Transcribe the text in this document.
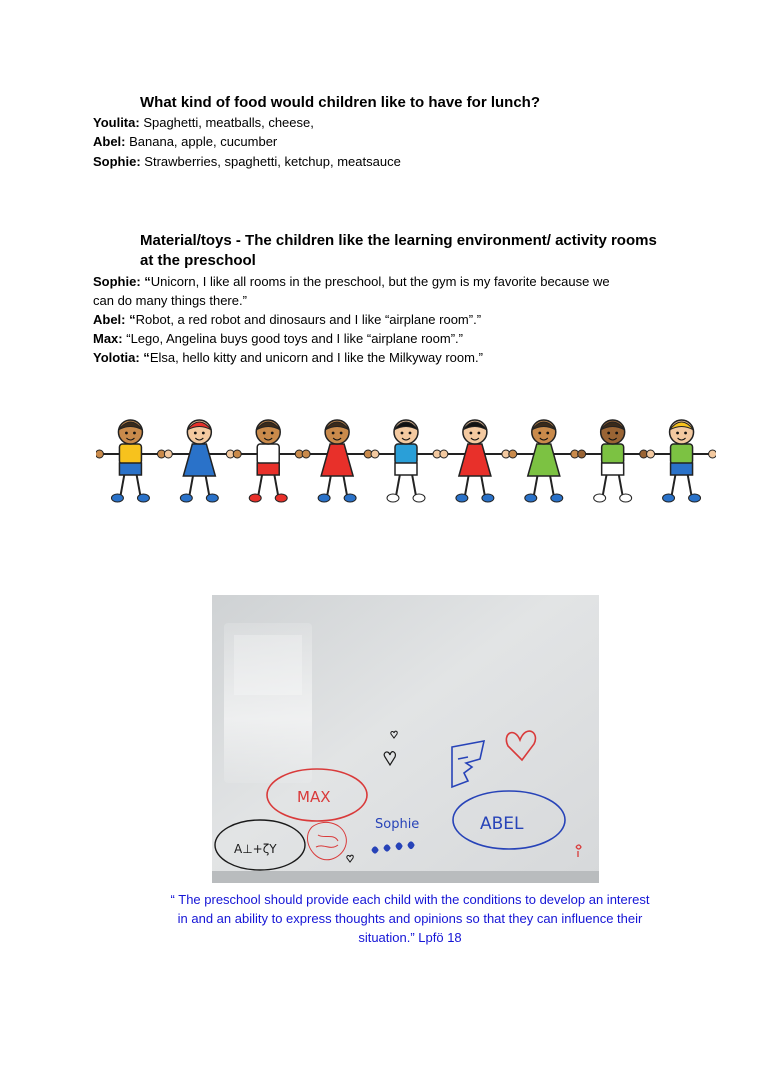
What kind of food would children like to have for lunch?
Youlita: Spaghetti, meatballs, cheese,
Abel: Banana, apple, cucumber
Sophie: Strawberries, spaghetti, ketchup, meatsauce
Material/toys - The children like the learning environment/ activity rooms
at the preschool
Sophie: “Unicorn, I like all rooms in the preschool, but the gym is my favorite because we
can do many things there.”
Abel: “Robot, a red robot and dinosaurs and I like “airplane room”.”
Max: “Lego, Angelina buys good toys and I like “airplane room”.”
Yolotia: “Elsa, hello kitty and unicorn and I like the Milkyway room.”
MAX
Sophie	ABEL
A⊥+ζY
“ The preschool should provide each child with the conditions to develop an interest
in and an ability to express thoughts and opinions so that they can influence their
situation.” Lpfö 18
